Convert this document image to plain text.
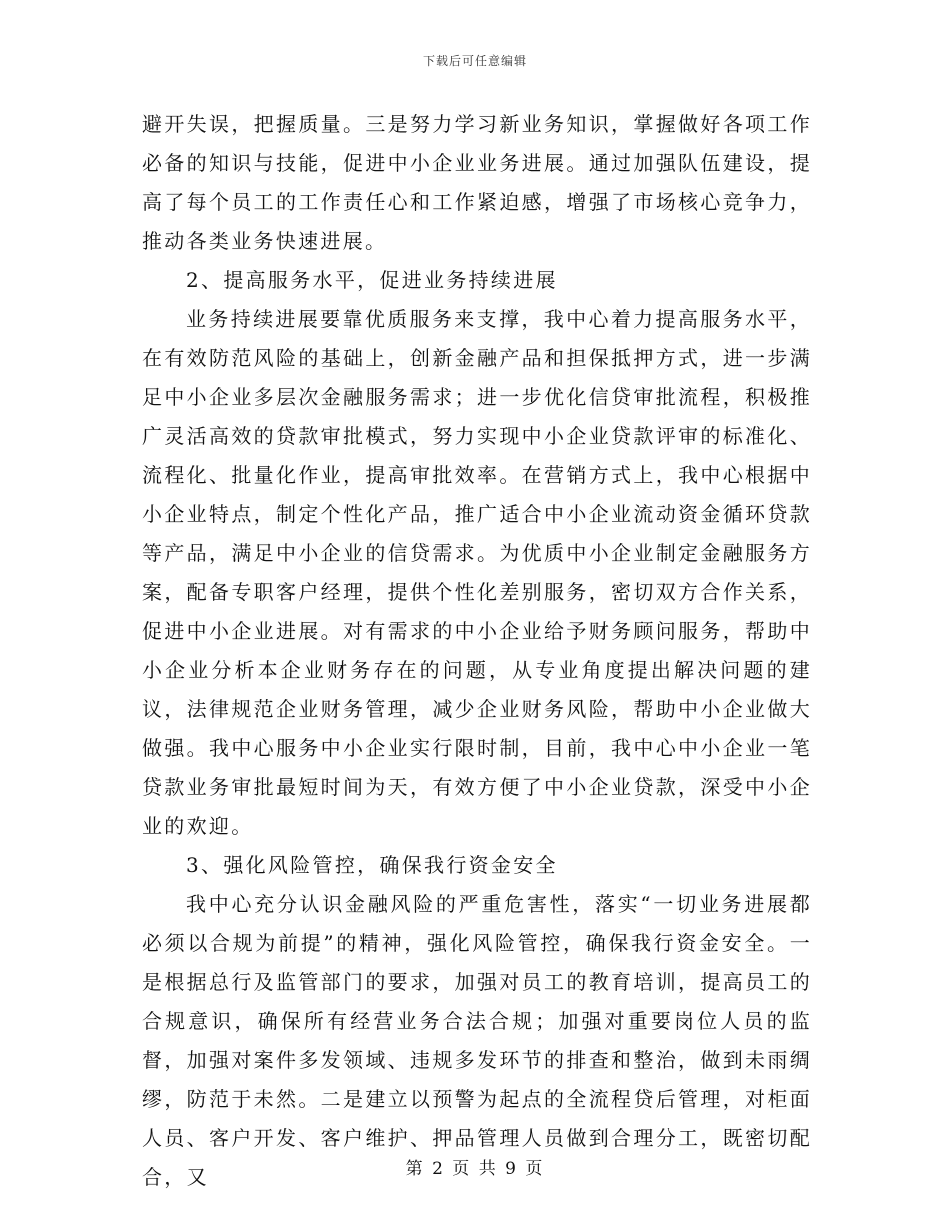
下载后可任意编辑

避开失误，把握质量。三是努力学习新业务知识，掌握做好各项工作必备的知识与技能，促进中小企业业务进展。通过加强队伍建设，提高了每个员工的工作责任心和工作紧迫感，增强了市场核心竞争力，推动各类业务快速进展。

2、提高服务水平，促进业务持续进展

业务持续进展要靠优质服务来支撑，我中心着力提高服务水平，在有效防范风险的基础上，创新金融产品和担保抵押方式，进一步满足中小企业多层次金融服务需求；进一步优化信贷审批流程，积极推广灵活高效的贷款审批模式，努力实现中小企业贷款评审的标准化、流程化、批量化作业，提高审批效率。在营销方式上，我中心根据中小企业特点，制定个性化产品，推广适合中小企业流动资金循环贷款等产品，满足中小企业的信贷需求。为优质中小企业制定金融服务方案，配备专职客户经理，提供个性化差别服务，密切双方合作关系，促进中小企业进展。对有需求的中小企业给予财务顾问服务，帮助中小企业分析本企业财务存在的问题，从专业角度提出解决问题的建议，法律规范企业财务管理，减少企业财务风险，帮助中小企业做大做强。我中心服务中小企业实行限时制，目前，我中心中小企业一笔贷款业务审批最短时间为天，有效方便了中小企业贷款，深受中小企业的欢迎。

3、强化风险管控，确保我行资金安全

我中心充分认识金融风险的严重危害性，落实“一切业务进展都必须以合规为前提”的精神，强化风险管控，确保我行资金安全。一是根据总行及监管部门的要求，加强对员工的教育培训，提高员工的合规意识，确保所有经营业务合法合规；加强对重要岗位人员的监督，加强对案件多发领域、违规多发环节的排查和整治，做到未雨绸缪，防范于未然。二是建立以预警为起点的全流程贷后管理，对柜面人员、客户开发、客户维护、押品管理人员做到合理分工，既密切配合，又	第 2 页 共 9 页
